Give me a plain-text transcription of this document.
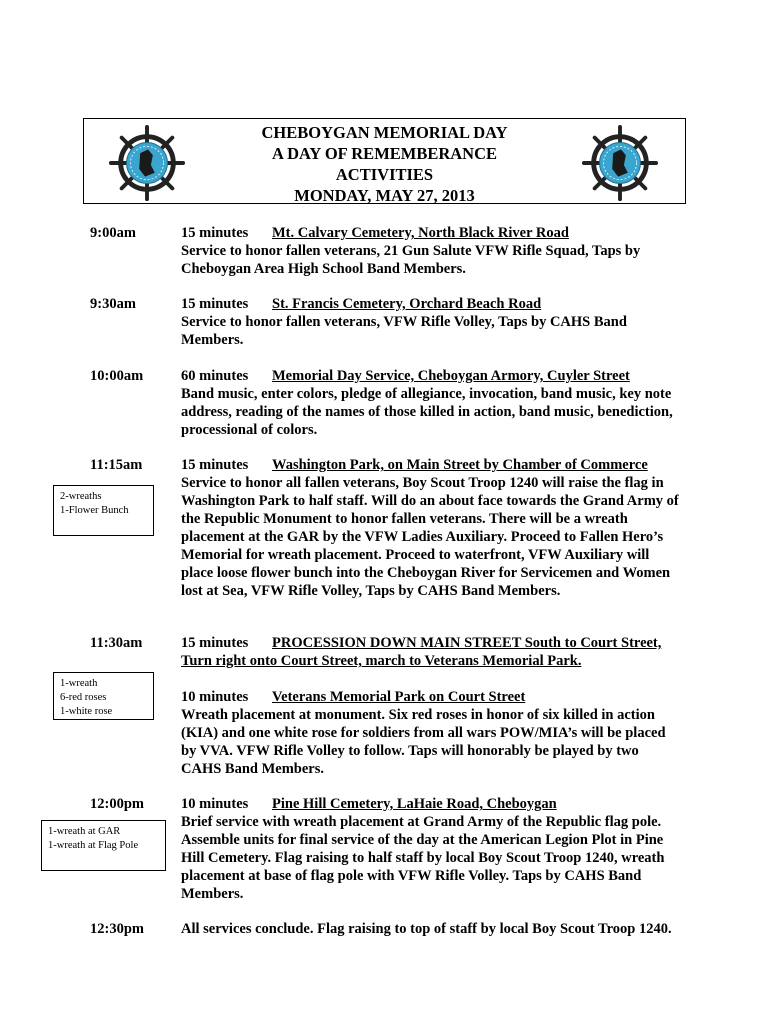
CHEBOYGAN MEMORIAL DAY
A DAY OF REMEMBERANCE
ACTIVITIES
MONDAY, MAY 27, 2013
9:00am	15 minutes Mt. Calvary Cemetery, North Black River Road

Service to honor fallen veterans, 21 Gun Salute VFW Rifle Squad, Taps by Cheboygan Area High School Band Members.

9:30am	15 minutes St. Francis Cemetery, Orchard Beach Road

Service to honor fallen veterans, VFW Rifle Volley, Taps by CAHS Band Members.

10:00am	60 minutes Memorial Day Service, Cheboygan Armory, Cuyler Street

Band music, enter colors, pledge of allegiance, invocation, band music, key note address, reading of the names of those killed in action, band music, benediction, processional of colors.

11:15am	15 minutes Washington Park, on Main Street by Chamber of Commerce

Service to honor all fallen veterans, Boy Scout Troop 1240 will raise the flag in Washington Park to half staff. Will do an about face towards the Grand Army of the Republic Monument to honor fallen veterans. There will be a wreath placement at the GAR by the VFW Ladies Auxiliary. Proceed to Fallen Hero’s Memorial for wreath placement. Proceed to waterfront, VFW Auxiliary will place loose flower bunch into the Cheboygan River for Servicemen and Women lost at Sea, VFW Rifle Volley, Taps by CAHS Band Members.

2-wreaths
1-Flower Bunch
11:30am	15 minutes PROCESSION DOWN MAIN STREET South to Court Street, Turn right onto Court Street, march to Veterans Memorial Park.

1-wreath
6-red roses
1-white rose

10 minutes Veterans Memorial Park on Court Street

Wreath placement at monument. Six red roses in honor of six killed in action (KIA) and one white rose for soldiers from all wars POW/MIA’s will be placed by VVA. VFW Rifle Volley to follow. Taps will honorably be played by two CAHS Band Members.

12:00pm	10 minutes Pine Hill Cemetery, LaHaie Road, Cheboygan

Brief service with wreath placement at Grand Army of the Republic flag pole. Assemble units for final service of the day at the American Legion Plot in Pine Hill Cemetery. Flag raising to half staff by local Boy Scout Troop 1240, wreath placement at base of flag pole with VFW Rifle Volley. Taps by CAHS Band Members.

1-wreath at GAR
1-wreath at Flag Pole
12:30pm	All services conclude. Flag raising to top of staff by local Boy Scout Troop 1240.
